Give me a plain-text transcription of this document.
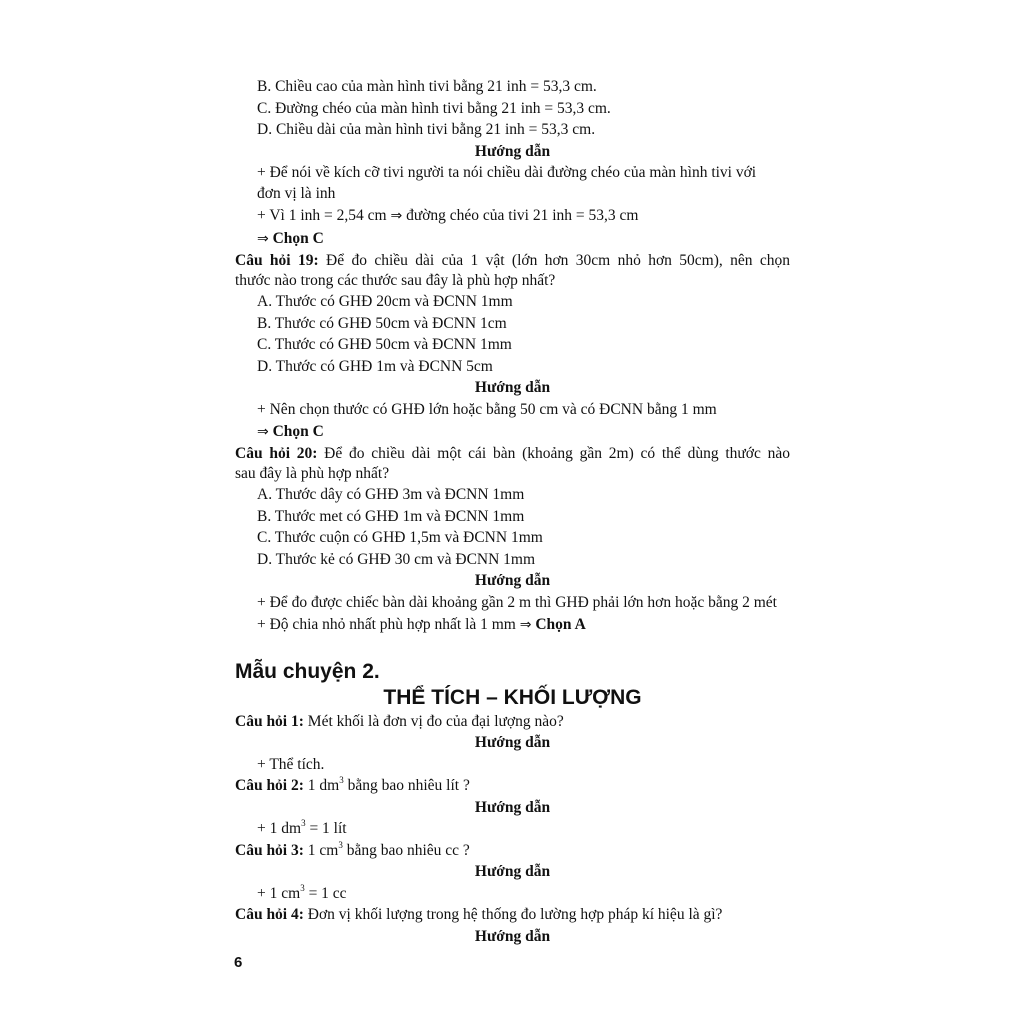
B. Chiều cao của màn hình tivi bằng 21 inh = 53,3 cm.
C. Đường chéo của màn hình tivi bằng 21 inh = 53,3 cm.
D. Chiều dài của màn hình tivi bằng 21 inh = 53,3 cm.
Hướng dẫn
+ Để nói về kích cỡ tivi người ta nói chiều dài đường chéo của màn hình tivi với
đơn vị là inh
+ Vì 1 inh = 2,54 cm ⇒ đường chéo của tivi 21 inh = 53,3 cm
⇒ Chọn C
Câu hỏi 19: Để đo chiều dài của 1 vật (lớn hơn 30cm nhỏ hơn 50cm), nên chọn
thước nào trong các thước sau đây là phù hợp nhất?
A. Thước có GHĐ 20cm và ĐCNN 1mm
B. Thước có GHĐ 50cm và ĐCNN 1cm
C. Thước có GHĐ 50cm và ĐCNN 1mm
D. Thước có GHĐ 1m và ĐCNN 5cm
Hướng dẫn
+ Nên chọn thước có GHĐ lớn hoặc bằng 50 cm và có ĐCNN bằng 1 mm
⇒ Chọn C
Câu hỏi 20: Để đo chiều dài một cái bàn (khoảng gần 2m) có thể dùng thước nào
sau đây là phù hợp nhất?
A. Thước dây có GHĐ 3m và ĐCNN 1mm
B. Thước met có GHĐ 1m và ĐCNN 1mm
C. Thước cuộn có GHĐ 1,5m và ĐCNN 1mm
D. Thước kẻ có GHĐ 30 cm và ĐCNN 1mm
Hướng dẫn
+ Để đo được chiếc bàn dài khoảng gần 2 m thì GHĐ phải lớn hơn hoặc bằng 2 mét
+ Độ chia nhỏ nhất phù hợp nhất là 1 mm ⇒ Chọn A
Mẫu chuyện 2.
THỂ TÍCH – KHỐI LƯỢNG
Câu hỏi 1: Mét khối là đơn vị đo của đại lượng nào?
Hướng dẫn
+ Thể tích.
Câu hỏi 2: 1 $dm^3$ bằng bao nhiêu lít ?
Hướng dẫn
+ 1 $dm^3 = 1$ lít
Câu hỏi 3: 1 $cm^3$ bằng bao nhiêu cc ?
Hướng dẫn
+ 1 $cm^3 = 1$ cc
Câu hỏi 4: Đơn vị khối lượng trong hệ thống đo lường hợp pháp kí hiệu là gì?
Hướng dẫn
6
